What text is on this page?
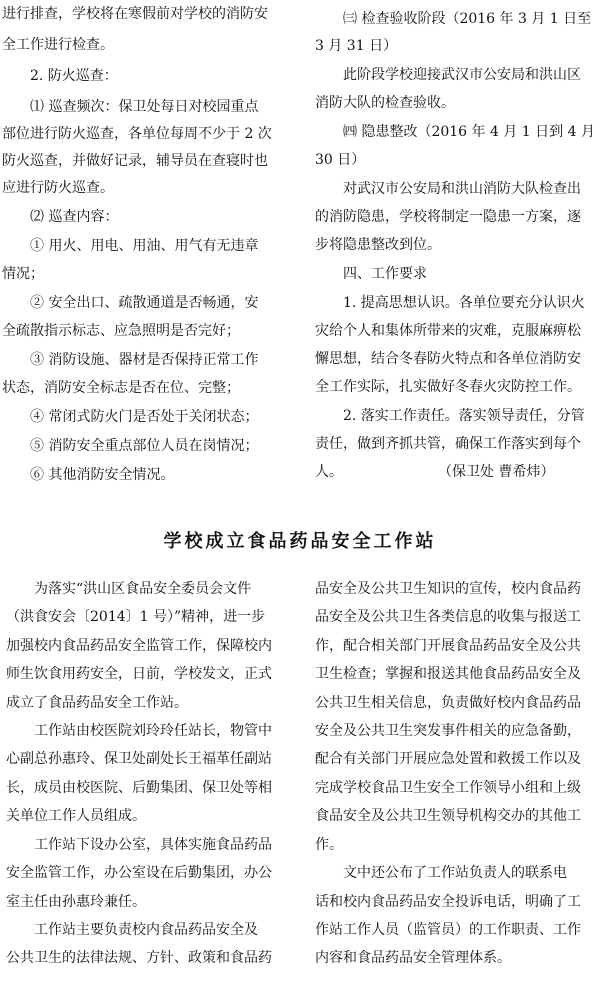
进行排查，学校将在寒假前对学校的消防安
全工作进行检查。
2. 防火巡查：
⑴ 巡查频次：保卫处每日对校园重点
部位进行防火巡查，各单位每周不少于 2 次
防火巡查，并做好记录，辅导员在查寝时也
应进行防火巡查。
⑵ 巡查内容：
① 用火、用电、用油、用气有无违章
情况；
② 安全出口、疏散通道是否畅通，安
全疏散指示标志、应急照明是否完好；
③ 消防设施、器材是否保持正常工作
状态，消防安全标志是否在位、完整；
④ 常闭式防火门是否处于关闭状态；
⑤ 消防安全重点部位人员在岗情况；
⑥ 其他消防安全情况。
㈢ 检查验收阶段（2016 年 3 月 1 日至
3 月 31 日）
此阶段学校迎接武汉市公安局和洪山区
消防大队的检查验收。
㈣ 隐患整改（2016 年 4 月 1 日到 4 月
30 日）
对武汉市公安局和洪山消防大队检查出
的消防隐患，学校将制定一隐患一方案，逐
步将隐患整改到位。
四、工作要求
1. 提高思想认识。各单位要充分认识火
灾给个人和集体所带来的灾难，克服麻痹松
懈思想，结合冬春防火特点和各单位消防安
全工作实际，扎实做好冬春火灾防控工作。
2. 落实工作责任。落实领导责任，分管
责任，做到齐抓共管，确保工作落实到每个
人。	（保卫处 曹希炜）
学校成立食品药品安全工作站
为落实“洪山区食品安全委员会文件
（洪食安会〔2014〕1 号）”精神，进一步
加强校内食品药品安全监管工作，保障校内
师生饮食用药安全，日前，学校发文，正式
成立了食品药品安全工作站。
工作站由校医院刘玲玲任站长，物管中
心副总孙惠玲、保卫处副处长王福革任副站
长，成员由校医院、后勤集团、保卫处等相
关单位工作人员组成。
工作站下设办公室，具体实施食品药品
安全监管工作，办公室设在后勤集团，办公
室主任由孙惠玲兼任。
工作站主要负责校内食品药品安全及
公共卫生的法律法规、方针、政策和食品药
品安全及公共卫生知识的宣传，校内食品药
品安全及公共卫生各类信息的收集与报送工
作，配合相关部门开展食品药品安全及公共
卫生检查；掌握和报送其他食品药品安全及
公共卫生相关信息，负责做好校内食品药品
安全及公共卫生突发事件相关的应急备勤，
配合有关部门开展应急处置和救援工作以及
完成学校食品卫生安全工作领导小组和上级
食品安全及公共卫生领导机构交办的其他工
作。
文中还公布了工作站负责人的联系电
话和校内食品药品安全投诉电话，明确了工
作站工作人员（监管员）的工作职责、工作
内容和食品药品安全管理体系。
